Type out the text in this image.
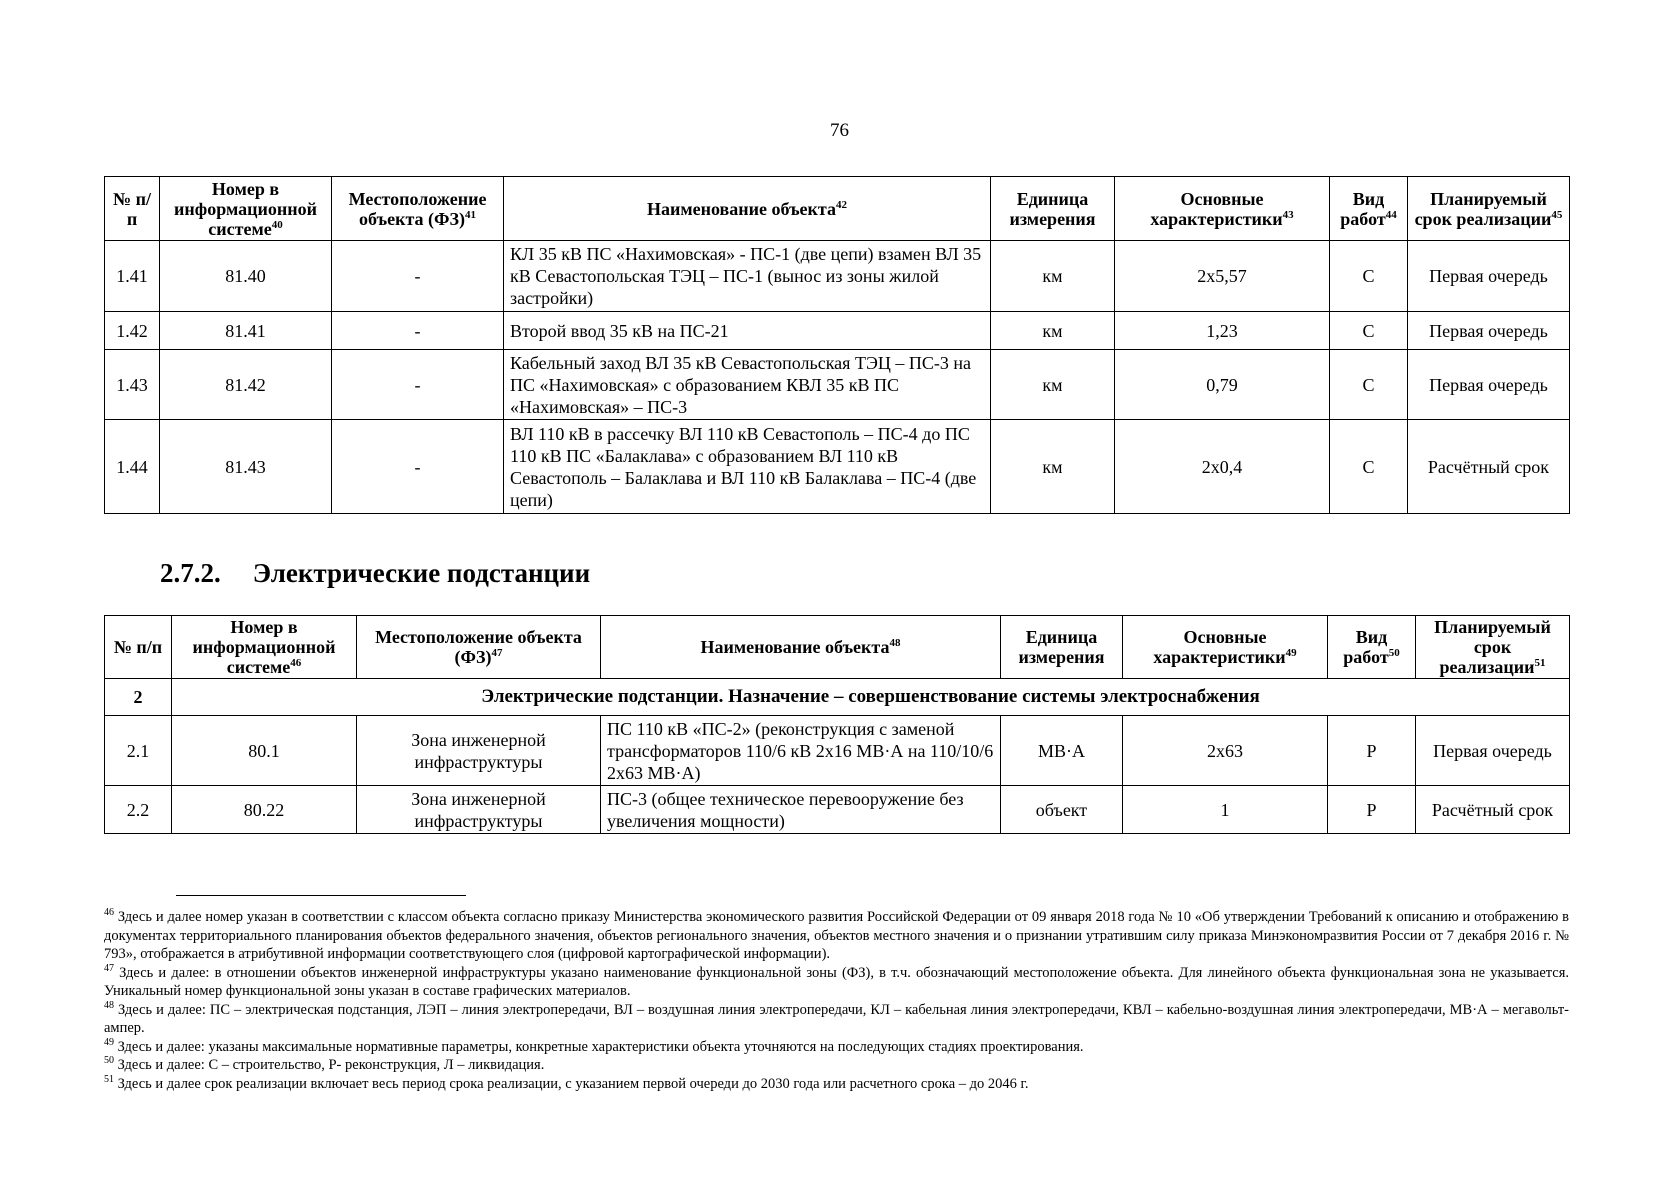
76
№ п/п	Номер в информационной системе$^{40}$	Местоположение объекта (ФЗ)$^{41}$	Наименование объекта$^{42}$	Единица измерения	Основные характеристики$^{43}$	Вид работ$^{44}$	Планируемый срок реализации$^{45}$
1.41	81.40	-	КЛ 35 кВ ПС «Нахимовская» - ПС-1 (две цепи) взамен ВЛ 35 кВ Севастопольская ТЭЦ – ПС-1 (вынос из зоны жилой застройки)	км	2х5,57	С	Первая очередь
1.42	81.41	-	Второй ввод 35 кВ на ПС-21	км	1,23	С	Первая очередь
1.43	81.42	-	Кабельный заход ВЛ 35 кВ Севастопольская ТЭЦ – ПС-3 на ПС «Нахимовская» с образованием КВЛ 35 кВ ПС «Нахимовская» – ПС-3	км	0,79	С	Первая очередь
1.44	81.43	-	ВЛ 110 кВ в рассечку ВЛ 110 кВ Севастополь – ПС-4 до ПС 110 кВ ПС «Балаклава» с образованием ВЛ 110 кВ Севастополь – Балаклава и ВЛ 110 кВ Балаклава – ПС-4 (две цепи)	км	2х0,4	С	Расчётный срок
2.7.2. Электрические подстанции
№ п/п	Номер в информационной системе$^{46}$	Местоположение объекта (ФЗ)$^{47}$	Наименование объекта$^{48}$	Единица измерения	Основные характеристики$^{49}$	Вид работ$^{50}$	Планируемый срок реализации$^{51}$
2	Электрические подстанции. Назначение – совершенствование системы электроснабжения						
2.1	80.1	Зона инженерной инфраструктуры	ПС 110 кВ «ПС-2» (реконструкция с заменой трансформаторов 110/6 кВ 2х16 МВ·А на 110/10/6 2х63 МВ·А)	МВ·А	2х63	Р	Первая очередь
2.2	80.22	Зона инженерной инфраструктуры	ПС-3 (общее техническое перевооружение без увеличения мощности)	объект	1	Р	Расчётный срок

$^{46}$ Здесь и далее номер указан в соответствии с классом объекта согласно приказу Министерства экономического развития Российской Федерации от 09 января 2018 года № 10 «Об утверждении Требований к описанию и отображению в документах территориального планирования объектов федерального значения, объектов регионального значения, объектов местного значения и о признании утратившим силу приказа Минэкономразвития России от 7 декабря 2016 г. № 793», отображается в атрибутивной информации соответствующего слоя (цифровой картографической информации).

$^{47}$ Здесь и далее: в отношении объектов инженерной инфраструктуры указано наименование функциональной зоны (ФЗ), в т.ч. обозначающий местоположение объекта. Для линейного объекта функциональная зона не указывается. Уникальный номер функциональной зоны указан в составе графических материалов.

$^{48}$ Здесь и далее: ПС – электрическая подстанция, ЛЭП – линия электропередачи, ВЛ – воздушная линия электропередачи, КЛ – кабельная линия электропередачи, КВЛ – кабельно-воздушная линия электропередачи, МВ·А – мегавольт-ампер.

$^{49}$ Здесь и далее: указаны максимальные нормативные параметры, конкретные характеристики объекта уточняются на последующих стадиях проектирования.

$^{50}$ Здесь и далее: С – строительство, Р- реконструкция, Л – ликвидация.

$^{51}$ Здесь и далее срок реализации включает весь период срока реализации, с указанием первой очереди до 2030 года или расчетного срока – до 2046 г.
